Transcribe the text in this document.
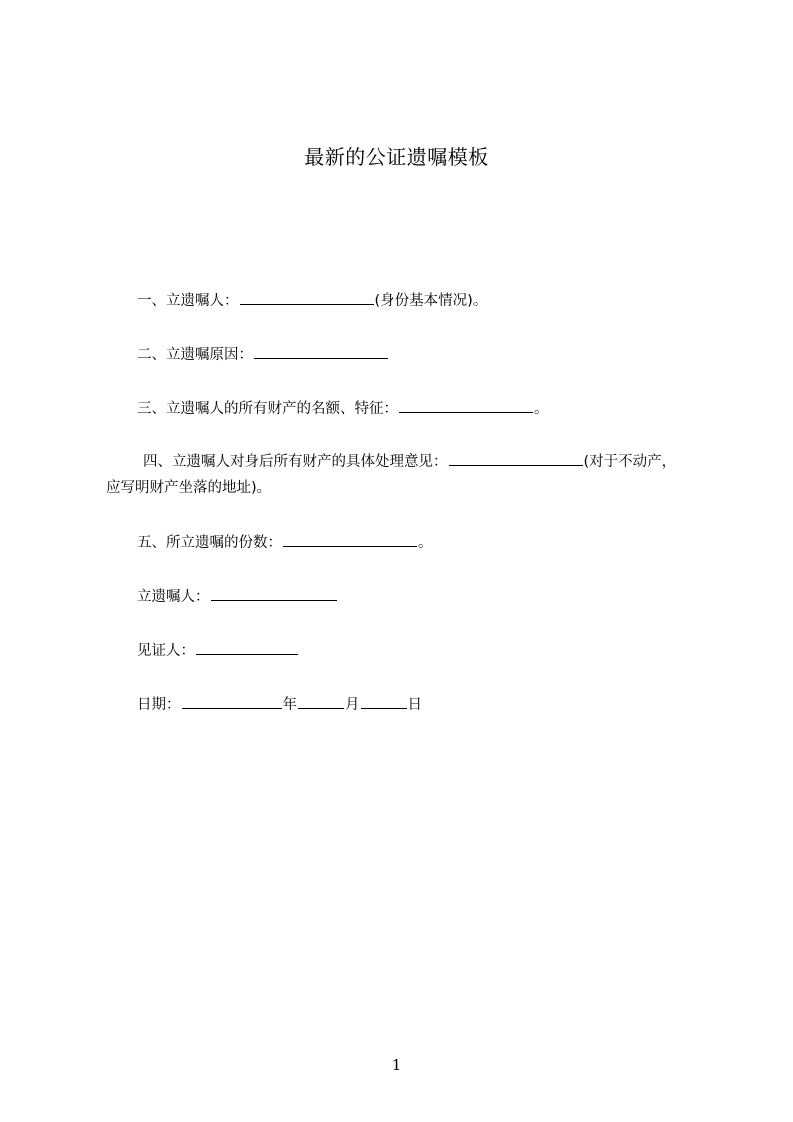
最新的公证遗嘱模板
一、立遗嘱人：	(身份基本情况)。
二、立遗嘱原因：
三、立遗嘱人的所有财产的名额、特征：	。
四、立遗嘱人对身后所有财产的具体处理意见：	(对于不动产，
应写明财产坐落的地址)。
五、所立遗嘱的份数：	。
立遗嘱人：
见证人：
日期：	年	月	日
1
